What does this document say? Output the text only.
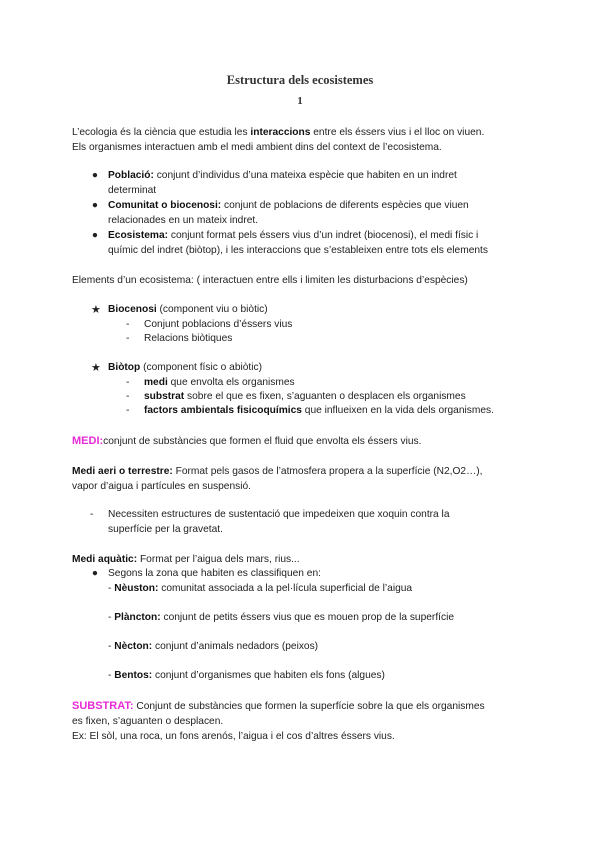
Estructura dels ecosistemes
1
L’ecologia és la ciència que estudia les interaccions entre els éssers vius i el lloc on viuen.
Els organismes interactuen amb el medi ambient dins del context de l’ecosistema.
● Població: conjunt d’individus d’una mateixa espècie que habiten en un indret
determinat
● Comunitat o biocenosi: conjunt de poblacions de diferents espècies que viuen
relacionades en un mateix indret.
● Ecosistema: conjunt format pels éssers vius d’un indret (biocenosi), el medi físic i
químic del indret (biòtop), i les interaccions que s’estableixen entre tots els elements
Elements d’un ecosistema: ( interactuen entre ells i limiten les disturbacions d’espècies)
★ Biocenosi (component viu o biòtic)
- Conjunt poblacions d’éssers vius
- Relacions biòtiques
★ Biòtop (component físic o abiòtic)
- medi que envolta els organismes
- substrat sobre el que es fixen, s’aguanten o desplacen els organismes
- factors ambientals fisicoquímics que influeixen en la vida dels organismes.
MEDI:conjunt de substàncies que formen el fluid que envolta els éssers vius.
Medi aeri o terrestre: Format pels gasos de l’atmosfera propera a la superfície (N2,O2…),
vapor d’aigua i partícules en suspensió.
- Necessiten estructures de sustentació que impedeixen que xoquin contra la
superfície per la gravetat.
Medi aquàtic: Format per l’aigua dels mars, rius...
● Segons la zona que habiten es classifiquen en:
- Nèuston: comunitat associada a la pel·lícula superficial de l’aigua
- Plàncton: conjunt de petits éssers vius que es mouen prop de la superfície
- Nècton: conjunt d’animals nedadors (peixos)
- Bentos: conjunt d’organismes que habiten els fons (algues)
SUBSTRAT: Conjunt de substàncies que formen la superfície sobre la que els organismes
es fixen, s’aguanten o desplacen.
Ex: El sòl, una roca, un fons arenós, l’aigua i el cos d’altres éssers vius.
